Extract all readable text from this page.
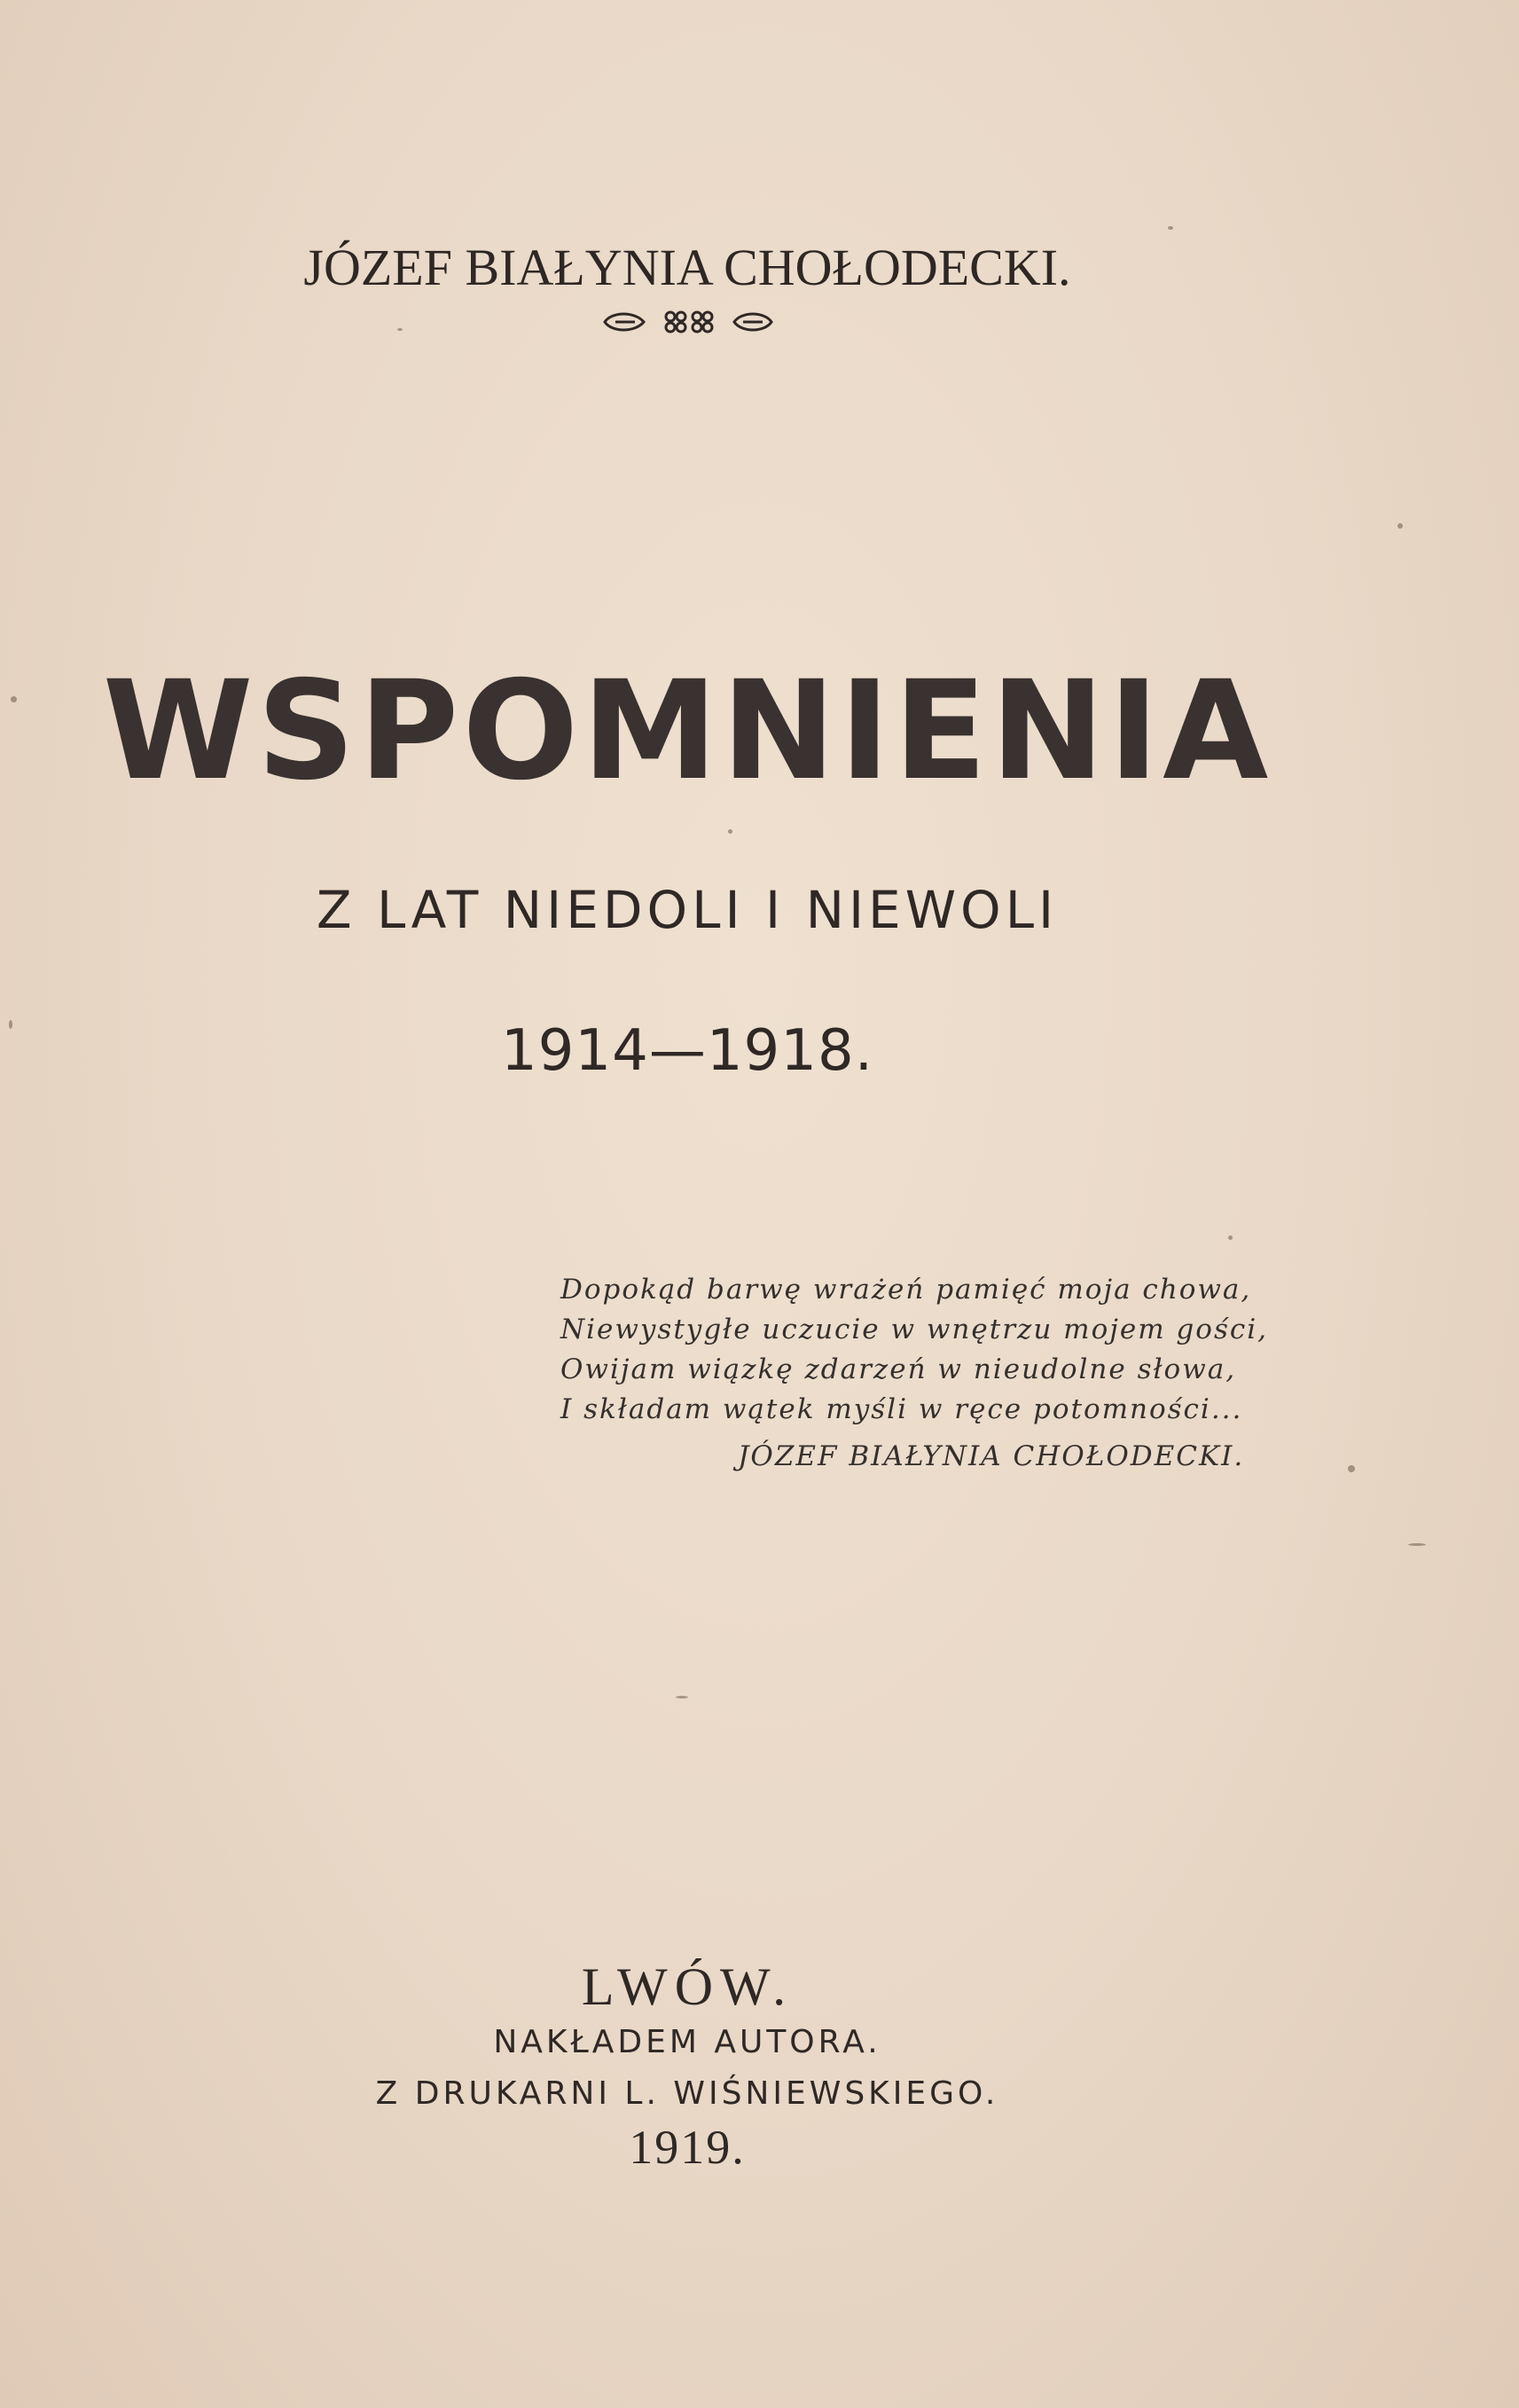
JÓZEF BIAŁYNIA CHOŁODECKI.
WSPOMNIENIA
Z LAT NIEDOLI I NIEWOLI
1914—1918.
Dopokąd barwę wrażeń pamięć moja chowa,
Niewystygłe uczucie w wnętrzu mojem gości,
Owijam wiązkę zdarzeń w nieudolne słowa,
I składam wątek myśli w ręce potomności...
JÓZEF BIAŁYNIA CHOŁODECKI.
LWÓW.
NAKŁADEM AUTORA.
Z DRUKARNI L. WIŚNIEWSKIEGO.
1919.
